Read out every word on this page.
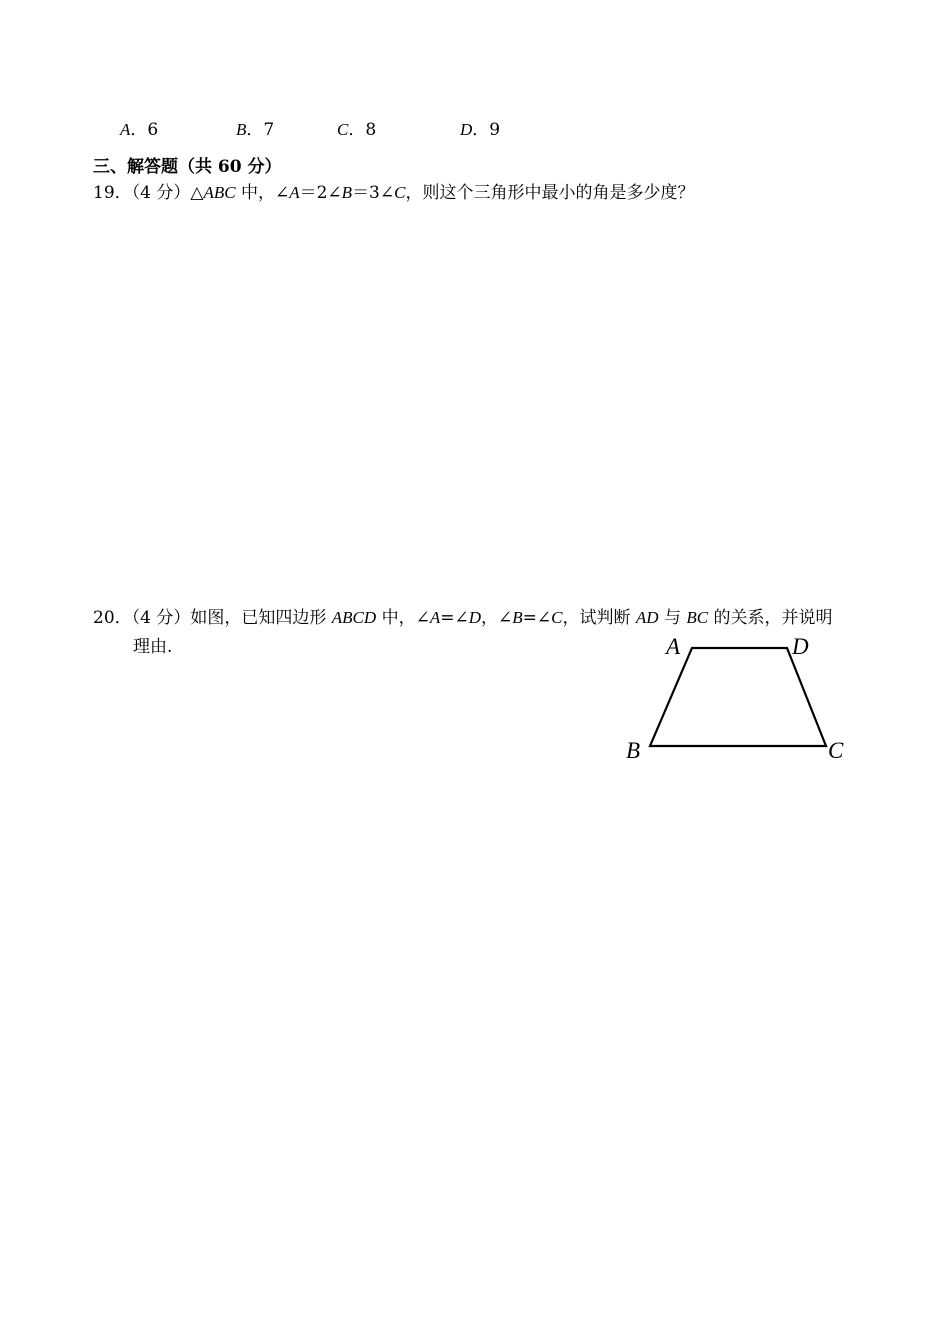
A．6	B．7	C．8	D．9
三、解答题（共 60 分）
19．（4 分）△ABC 中，∠A＝2∠B＝3∠C，则这个三角形中最小的角是多少度？
20．（4 分）如图，已知四边形 ABCD 中，∠A=∠D，∠B=∠C，试判断 AD 与 BC 的关系，并说明
理由.	A	D
B	C
